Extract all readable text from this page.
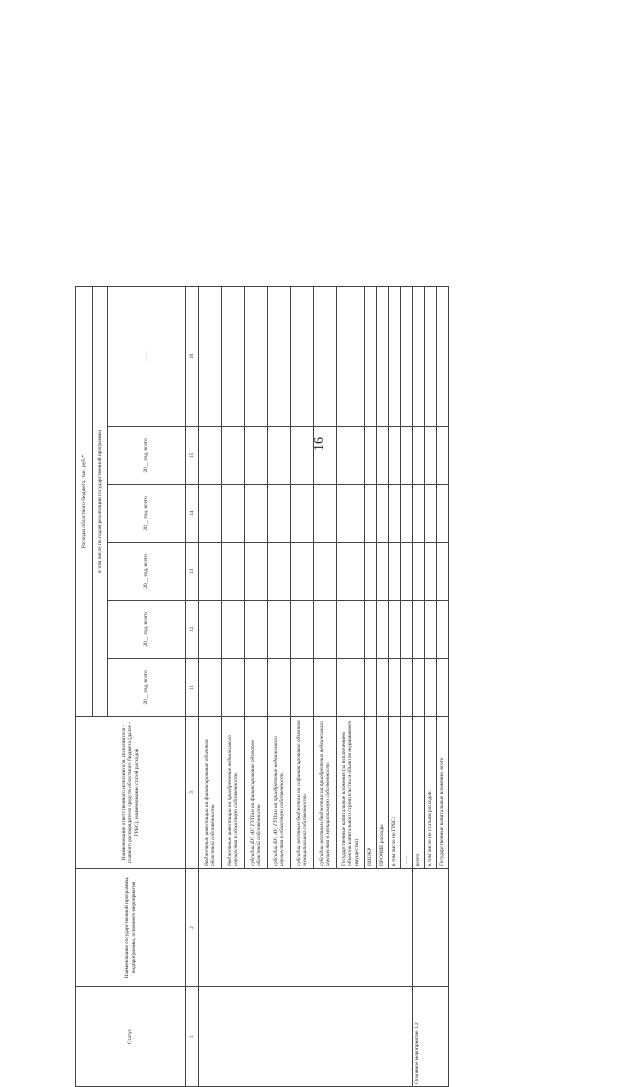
16
Статус	Наименование государственной программы, подпрограммы, основного мероприятия	Наименование ответственного исполнителя, исполнителя - главного распорядителя средств областного бюджета (далее - ГРБС), наименование статей расходов	Расходы областного бюджета, тыс. руб.*					
			в том числе по годам реализации государственной программы					
			20__ год, всего	20__ год, всего	20__ год, всего	20__ год, всего	20__ год, всего	……
1	2	3	11	12	13	14	15	16
		бюджетные инвестиции на финансирование объектов областной собственности						
		бюджетные инвестиции на приобретение недвижимого имущества в областную собственность						
		субсидии БУ, АУ, ГУПам на финансирование объектов областной собственности						
		субсидии БУ, АУ, ГУПам на приобретение недвижимого имущества в областную собственность						
		субсидии местным бюджетам на софинансирование объектов муниципальной собственности						
		субсидии местным бюджетам на приобретение недвижимого имущества в муниципальную собственность						
		Государственные капитальные вложения (за исключением объектов капитального строительства и объектов недвижимого имущества)						
		НИОКР						
		ПРОЧИЕ расходы						
		в том числе по ГРБС:						
		……						
Основное мероприятие 1.2		всего						
		в том числе по статьям расходов:						
		Государственные капитальные вложения, всего						
